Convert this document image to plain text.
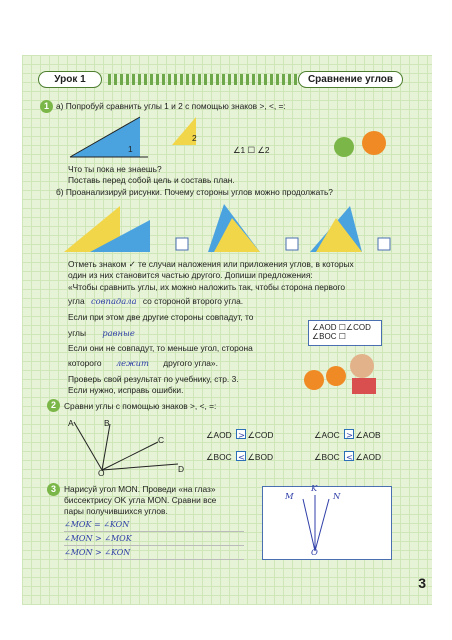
Урок 1	Сравнение углов
1 а) Попробуй сравнить углы 1 и 2 с помощью знаков >, <, =:
1
2
∠1 ☐ ∠2
Что ты пока не знаешь?
Поставь перед собой цель и составь план.
б) Проанализируй рисунки. Почему стороны углов можно продолжать?
Отметь знаком ✓ те случаи наложения или приложения углов, в которых
один из них становится частью другого. Допиши предложения:
«Чтобы сравнить углы, их можно наложить так, чтобы сторона первого
угла совпадала со стороной второго угла.
Если при этом две другие стороны совпадут, то
углы равные
Если они не совпадут, то меньше угол, сторона
которого лежит другого угла».
Проверь свой результат по учебнику, стр. 3.
Если нужно, исправь ошибки.
∠AOD ☐∠COD
∠BOC ☐
2 Сравни углы с помощью знаков >, <, =:
A	B
C
D
O
∠AOD > ∠COD
∠BOC < ∠BOD
∠AOC > ∠AOB
∠BOC < ∠AOD
3 Нарисуй угол MON. Проведи «на глаз»
биссектрису OK угла MON. Сравни все
пары получившихся углов.
∠MOK = ∠KON
∠MON > ∠MOK
∠MON > ∠KON
M
K
N
O
3
